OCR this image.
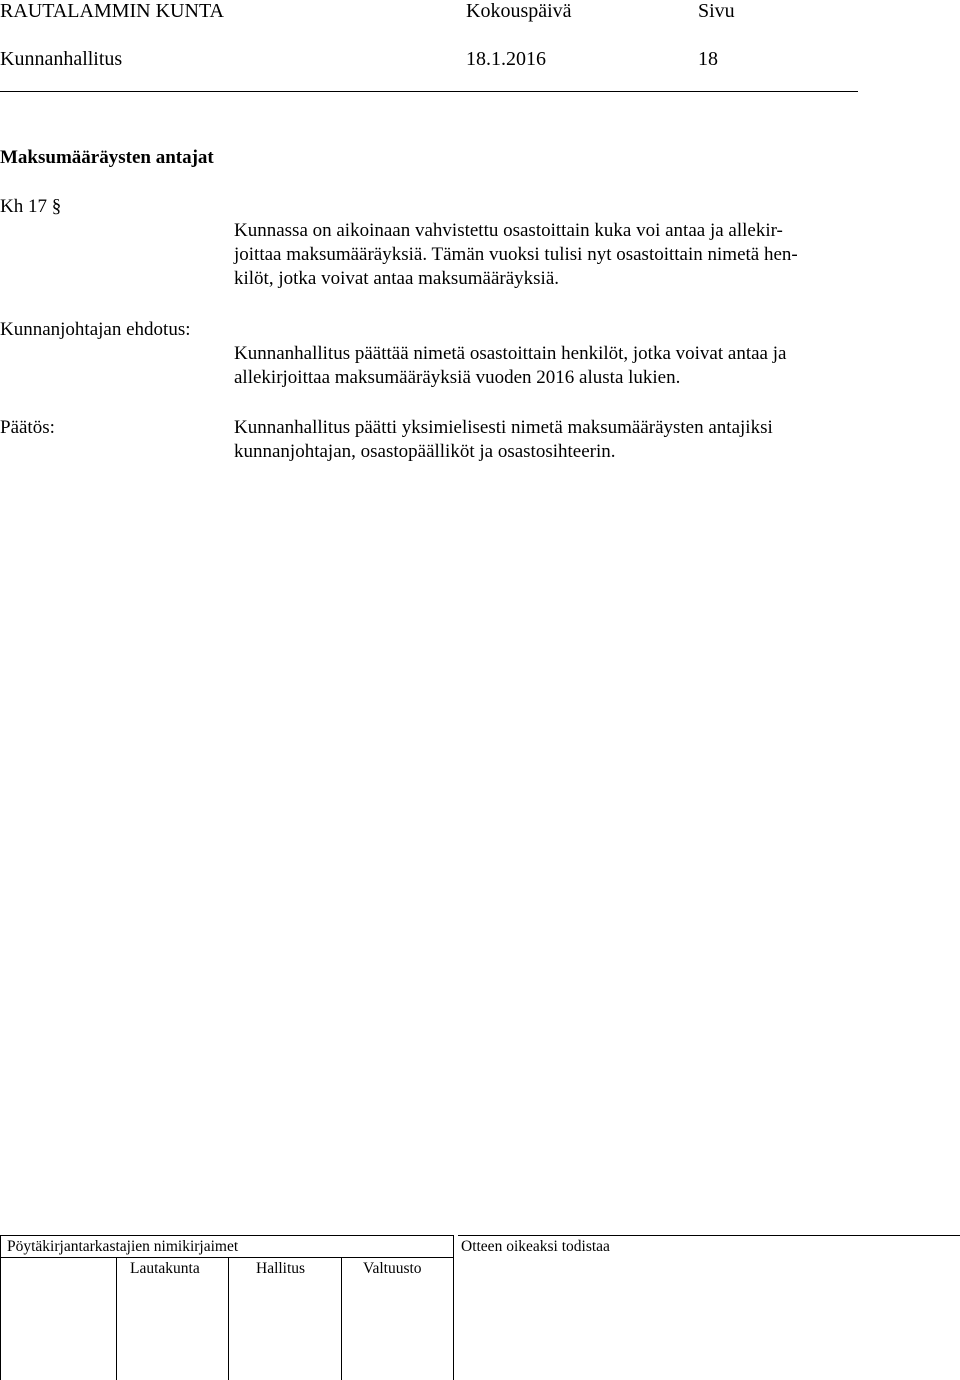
RAUTALAMMIN KUNTA	Kokouspäivä	Sivu
Kunnanhallitus	18.1.2016	18
Maksumääräysten antajat
Kh 17 §
Kunnassa on aikoinaan vahvistettu osastoittain kuka voi antaa ja allekir-
joittaa maksumääräyksiä. Tämän vuoksi tulisi nyt osastoittain nimetä hen-
kilöt, jotka voivat antaa maksumääräyksiä.
Kunnanjohtajan ehdotus:
Kunnanhallitus päättää nimetä osastoittain henkilöt, jotka voivat antaa ja
allekirjoittaa maksumääräyksiä vuoden 2016 alusta lukien.
Päätös:	Kunnanhallitus päätti yksimielisesti nimetä maksumääräysten antajiksi
kunnanjohtajan, osastopäälliköt ja osastosihteerin.
Pöytäkirjantarkastajien nimikirjaimet	Otteen oikeaksi todistaa
Lautakunta	Hallitus	Valtuusto
